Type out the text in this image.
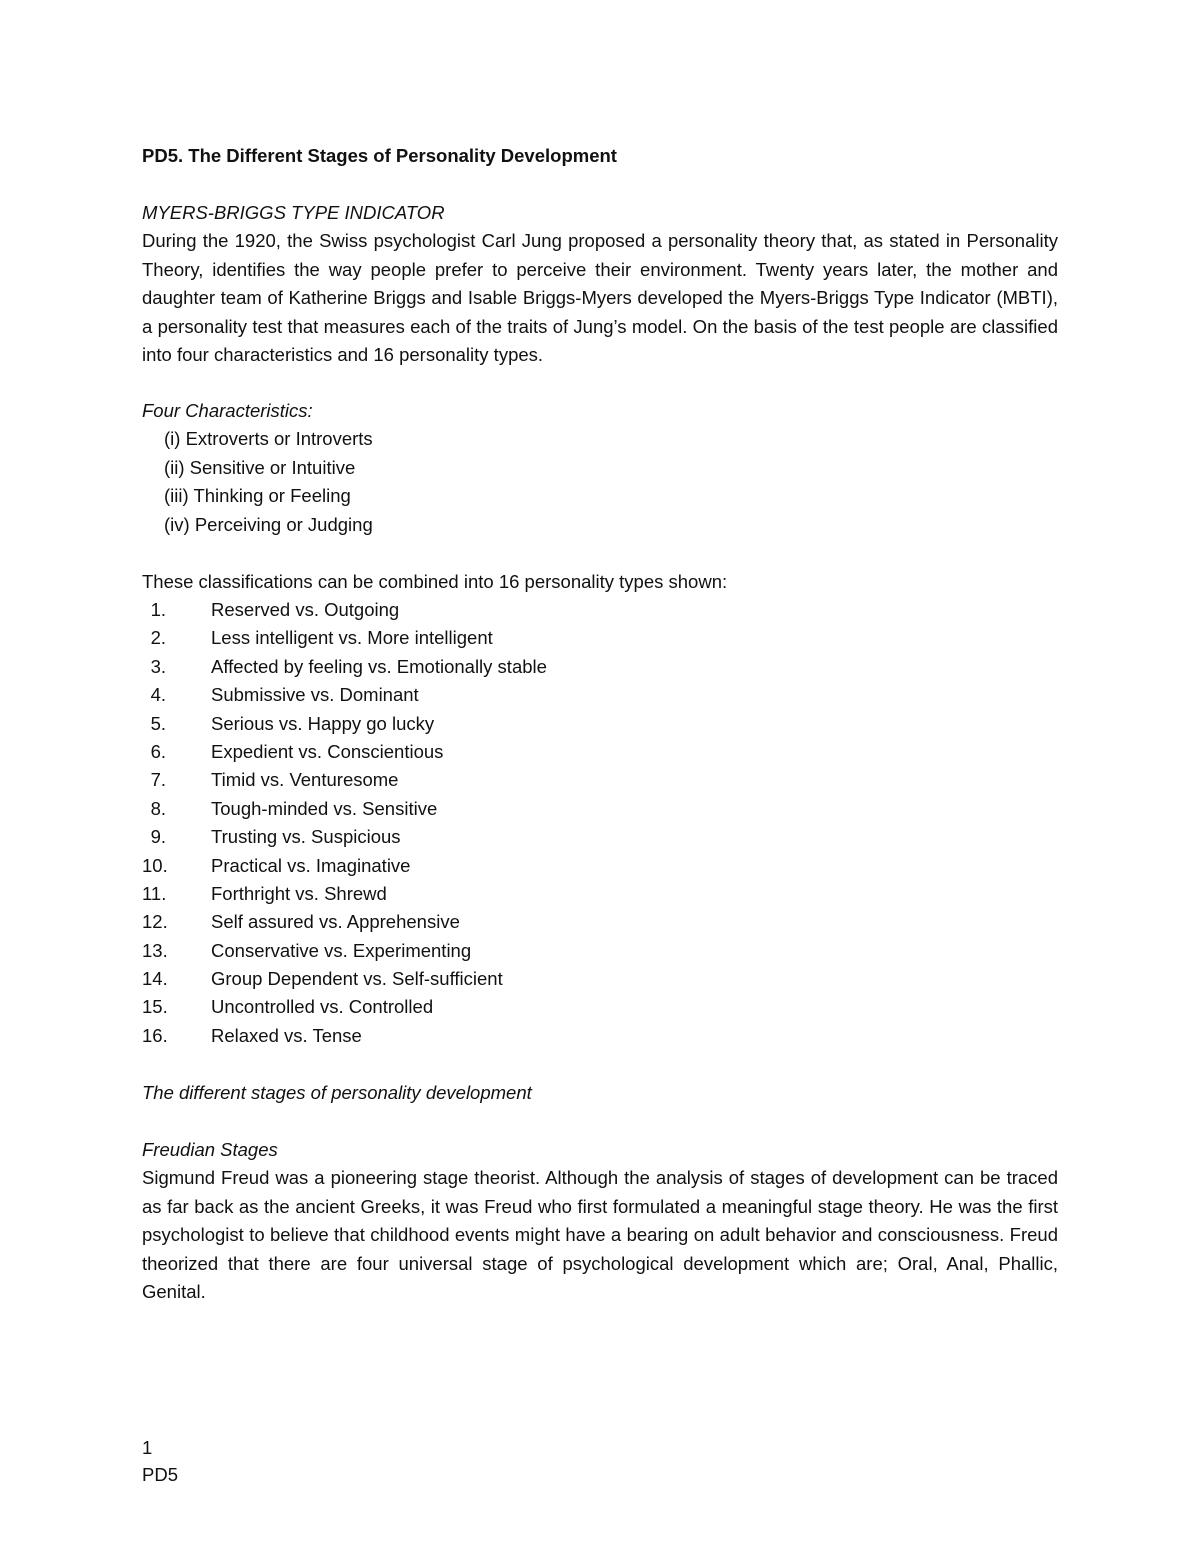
PD5. The Different Stages of Personality Development
MYERS-BRIGGS TYPE INDICATOR

During the 1920, the Swiss psychologist Carl Jung proposed a personality theory that, as stated in Personality Theory, identifies the way people prefer to perceive their environment. Twenty years later, the mother and daughter team of Katherine Briggs and Isable Briggs-Myers developed the Myers-Briggs Type Indicator (MBTI), a personality test that measures each of the traits of Jung’s model. On the basis of the test people are classified into four characteristics and 16 personality types.

Four Characteristics:
(i) Extroverts or Introverts
(ii) Sensitive or Intuitive
(iii) Thinking or Feeling
(iv) Perceiving or Judging
These classifications can be combined into 16 personality types shown:
1. Reserved vs. Outgoing
2. Less intelligent vs. More intelligent
3. Affected by feeling vs. Emotionally stable
4. Submissive vs. Dominant
5. Serious vs. Happy go lucky
6. Expedient vs. Conscientious
7. Timid vs. Venturesome
8. Tough-minded vs. Sensitive
9. Trusting vs. Suspicious
10. Practical vs. Imaginative
11. Forthright vs. Shrewd
12. Self assured vs. Apprehensive
13. Conservative vs. Experimenting
14. Group Dependent vs. Self-sufficient
15. Uncontrolled vs. Controlled
16. Relaxed vs. Tense
The different stages of personality development
Freudian Stages

Sigmund Freud was a pioneering stage theorist. Although the analysis of stages of development can be traced as far back as the ancient Greeks, it was Freud who first formulated a meaningful stage theory. He was the first psychologist to believe that childhood events might have a bearing on adult behavior and consciousness. Freud theorized that there are four universal stage of psychological development which are; Oral, Anal, Phallic, Genital.

1
PD5
